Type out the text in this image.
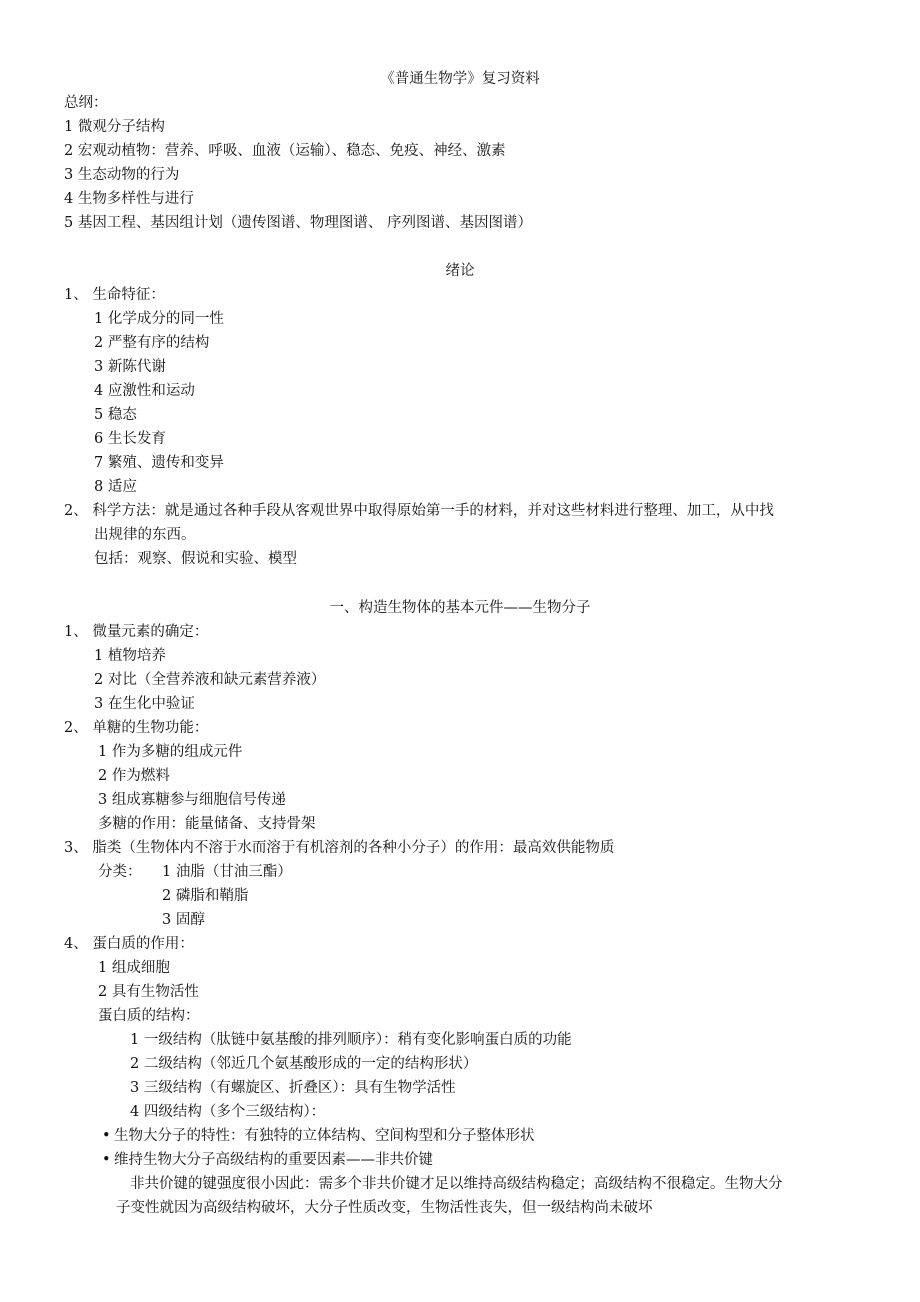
《普通生物学》复习资料
总纲：
1 微观分子结构
2 宏观动植物：营养、呼吸、血液（运输）、稳态、免疫、神经、激素
3 生态动物的行为
4 生物多样性与进行
5 基因工程、基因组计划（遗传图谱、物理图谱、 序列图谱、基因图谱）
绪论
1、 生命特征：
1 化学成分的同一性
2 严整有序的结构
3 新陈代谢
4 应激性和运动
5 稳态
6 生长发育
7 繁殖、遗传和变异
8 适应
2、 科学方法：就是通过各种手段从客观世界中取得原始第一手的材料，并对这些材料进行整理、加工，从中找
出规律的东西。
包括：观察、假说和实验、模型
一、构造生物体的基本元件——生物分子
1、 微量元素的确定：
1 植物培养
2 对比（全营养液和缺元素营养液）
3 在生化中验证
2、 单糖的生物功能：
1 作为多糖的组成元件
2 作为燃料
3 组成寡糖参与细胞信号传递
多糖的作用：能量储备、支持骨架
3、 脂类（生物体内不溶于水而溶于有机溶剂的各种小分子）的作用：最高效供能物质
分类： 1 油脂（甘油三酯）
2 磷脂和鞘脂
3 固醇
4、 蛋白质的作用：
1 组成细胞
2 具有生物活性
蛋白质的结构：
1 一级结构（肽链中氨基酸的排列顺序）：稍有变化影响蛋白质的功能
2 二级结构（邻近几个氨基酸形成的一定的结构形状）
3 三级结构（有螺旋区、折叠区）：具有生物学活性
4 四级结构（多个三级结构）：
• 生物大分子的特性：有独特的立体结构、空间构型和分子整体形状
• 维持生物大分子高级结构的重要因素——非共价键
非共价键的键强度很小因此：需多个非共价键才足以维持高级结构稳定；高级结构不很稳定。生物大分
子变性就因为高级结构破坏，大分子性质改变，生物活性丧失，但一级结构尚未破坏
